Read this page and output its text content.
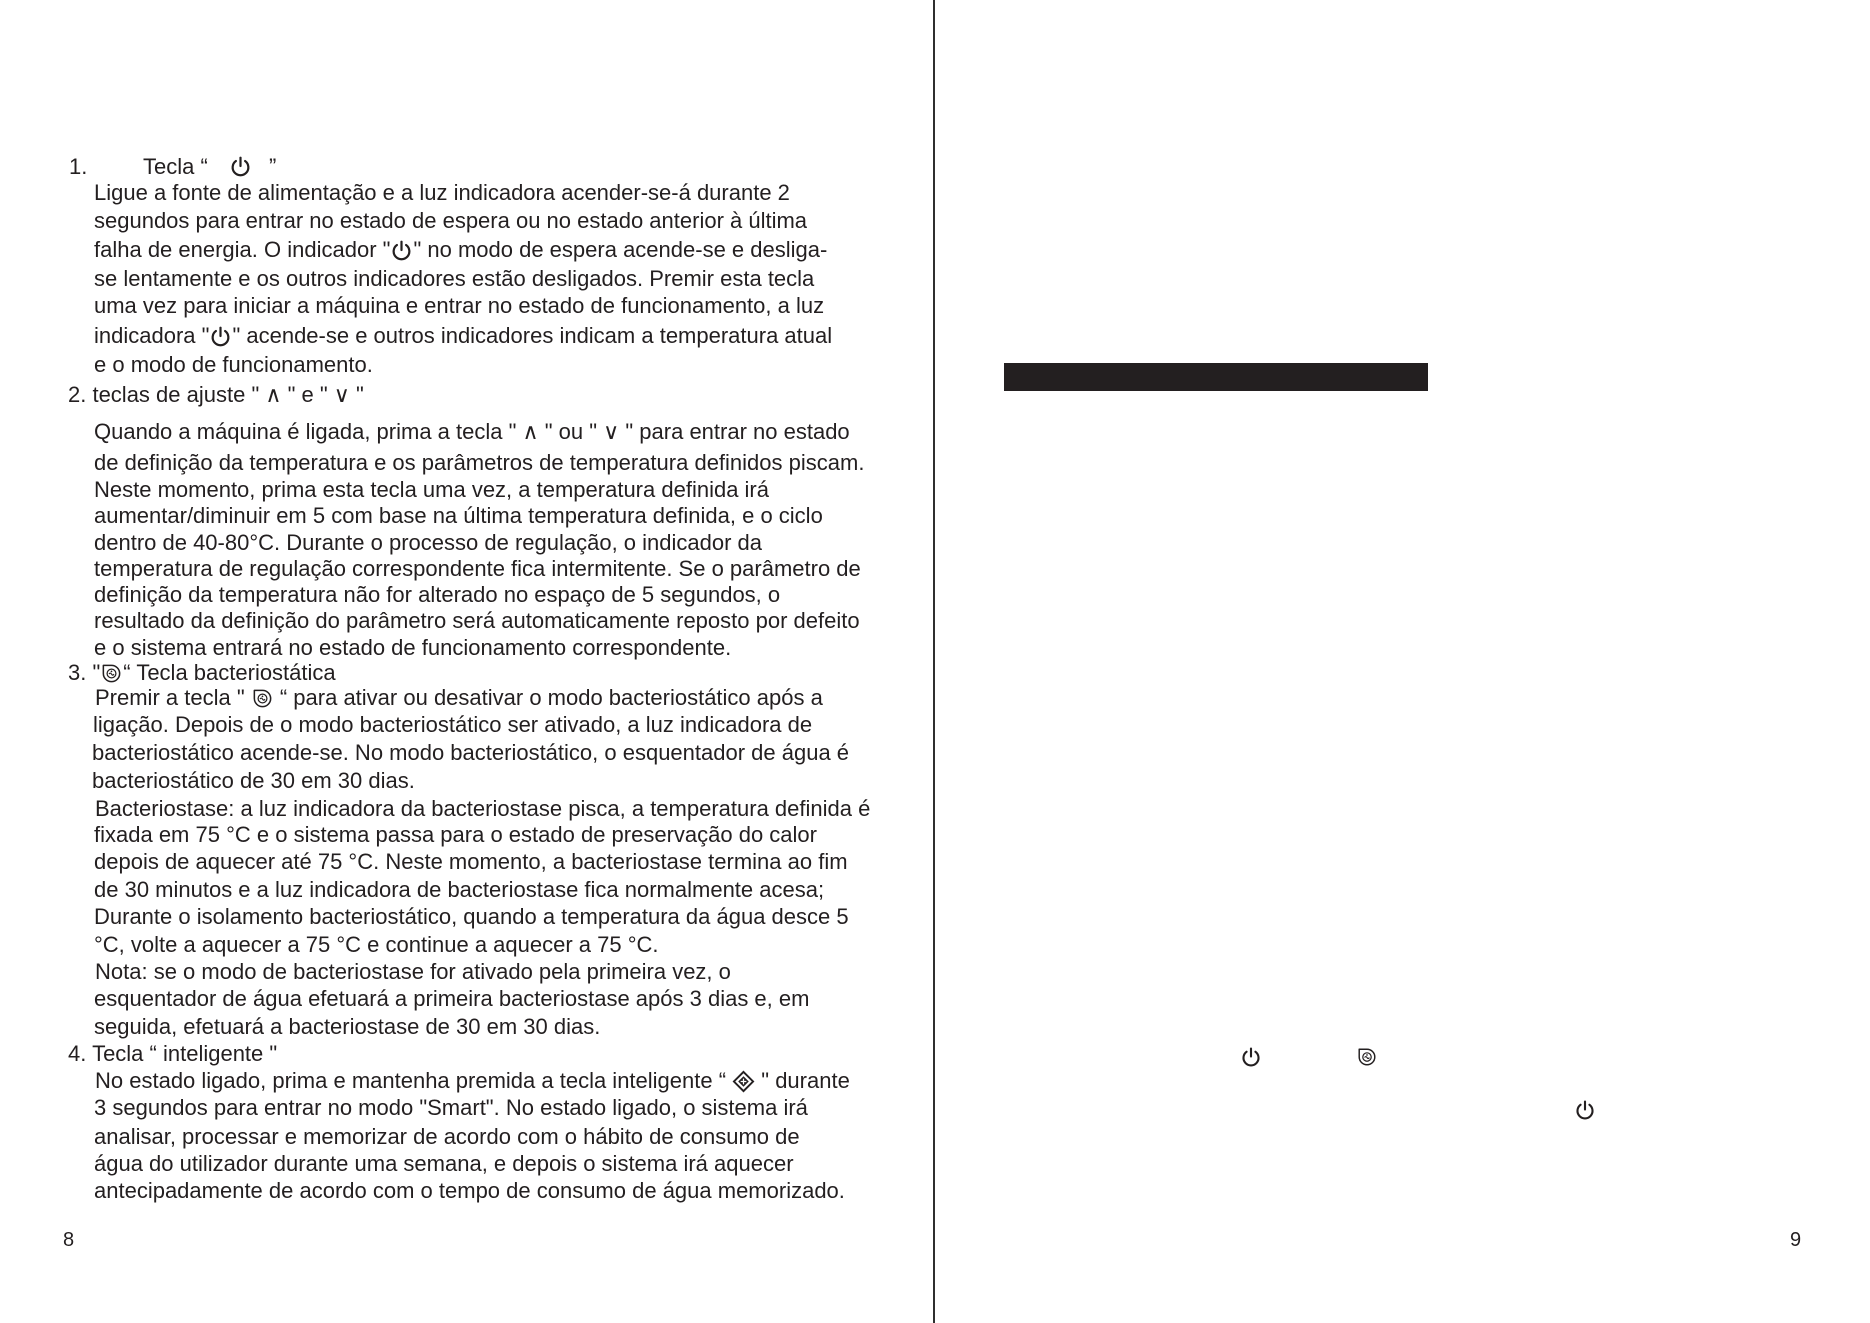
1.	Tecla “	”
Ligue a fonte de alimentação e a luz indicadora acender-se-á durante 2
segundos para entrar no estado de espera ou no estado anterior à última
falha de energia. O indicador " " no modo de espera acende-se e desliga-
se lentamente e os outros indicadores estão desligados. Premir esta tecla
uma vez para iniciar a máquina e entrar no estado de funcionamento, a luz
indicadora " " acende-se e outros indicadores indicam a temperatura atual
e o modo de funcionamento.
2. teclas de ajuste " ∧ " e " ∨ "
Quando a máquina é ligada, prima a tecla " ∧ " ou " ∨ " para entrar no estado
de definição da temperatura e os parâmetros de temperatura definidos piscam.
Neste momento, prima esta tecla uma vez, a temperatura definida irá
aumentar/diminuir em 5 com base na última temperatura definida, e o ciclo
dentro de 40-80°C. Durante o processo de regulação, o indicador da
temperatura de regulação correspondente fica intermitente. Se o parâmetro de
definição da temperatura não for alterado no espaço de 5 segundos, o
resultado da definição do parâmetro será automaticamente reposto por defeito
e o sistema entrará no estado de funcionamento correspondente.
3. " “ Tecla bacteriostática
Premir a tecla " “ para ativar ou desativar o modo bacteriostático após a
ligação. Depois de o modo bacteriostático ser ativado, a luz indicadora de
bacteriostático acende-se. No modo bacteriostático, o esquentador de água é
bacteriostático de 30 em 30 dias.
Bacteriostase: a luz indicadora da bacteriostase pisca, a temperatura definida é
fixada em 75 °C e o sistema passa para o estado de preservação do calor
depois de aquecer até 75 °C. Neste momento, a bacteriostase termina ao fim
de 30 minutos e a luz indicadora de bacteriostase fica normalmente acesa;
Durante o isolamento bacteriostático, quando a temperatura da água desce 5
°C, volte a aquecer a 75 °C e continue a aquecer a 75 °C.
Nota: se o modo de bacteriostase for ativado pela primeira vez, o
esquentador de água efetuará a primeira bacteriostase após 3 dias e, em
seguida, efetuará a bacteriostase de 30 em 30 dias.
4. Tecla “ inteligente "
No estado ligado, prima e mantenha premida a tecla inteligente “ " durante
3 segundos para entrar no modo "Smart". No estado ligado, o sistema irá
analisar, processar e memorizar de acordo com o hábito de consumo de
água do utilizador durante uma semana, e depois o sistema irá aquecer
antecipadamente de acordo com o tempo de consumo de água memorizado.
8	9
